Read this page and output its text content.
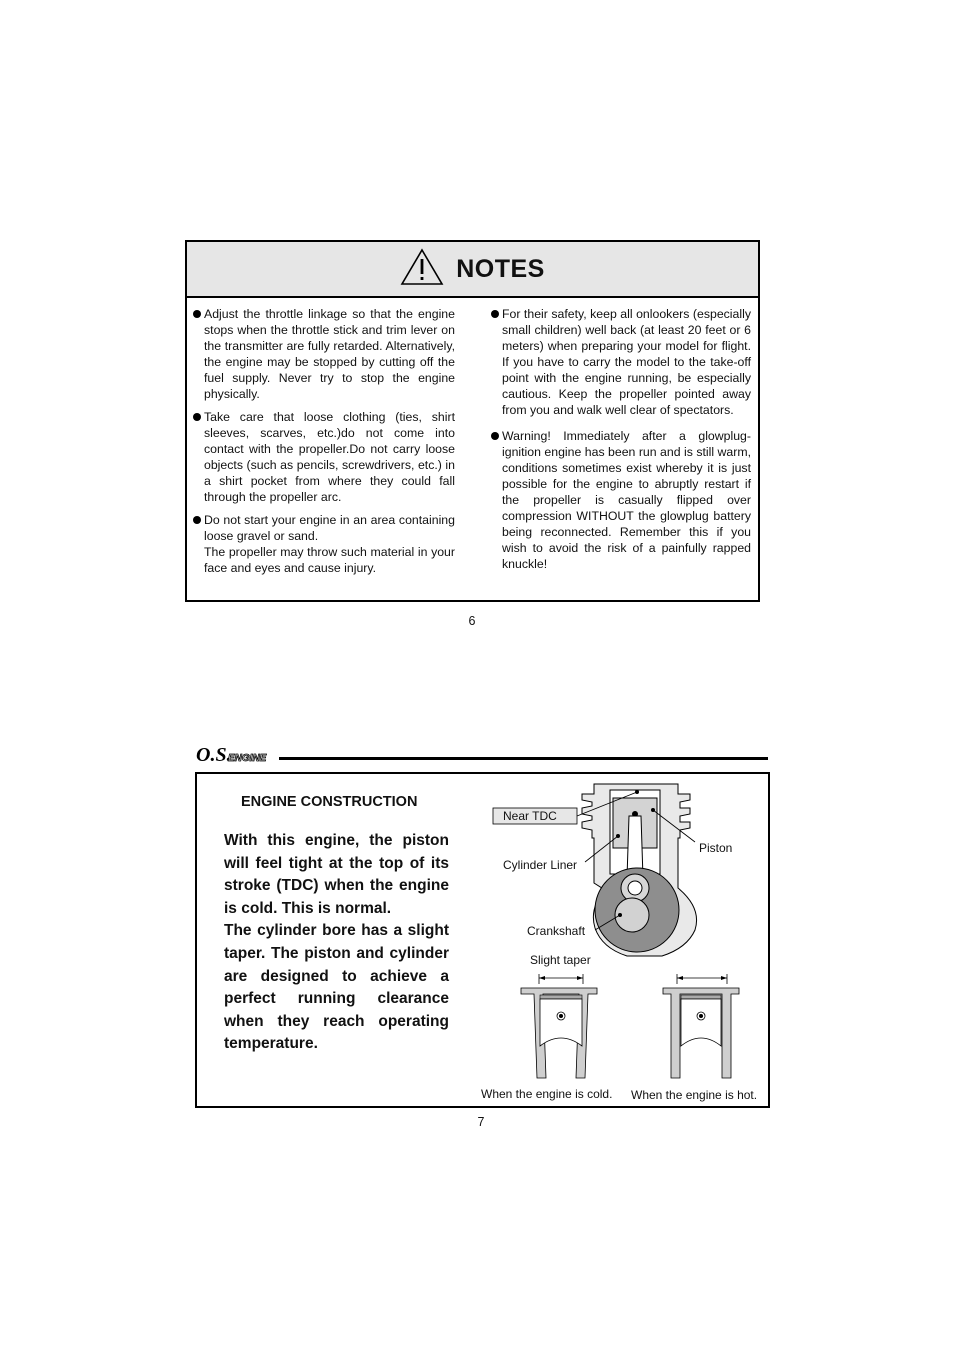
NOTES

Adjust the throttle linkage so that the engine stops when the throttle stick and trim lever on the transmitter are fully retarded. Alternatively, the engine may be stopped by cutting off the fuel supply. Never try to stop the engine physically.

Take care that loose clothing (ties, shirt sleeves, scarves, etc.)do not come into contact with the propeller.Do not carry loose objects (such as pencils, screwdrivers, etc.) in a shirt pocket from where they could fall through the propeller arc.

Do not start your engine in an area containing loose gravel or sand.

The propeller may throw such material in your face and eyes and cause injury.

For their safety, keep all onlookers (especially small children) well back (at least 20 feet or 6 meters) when preparing your model for flight. If you have to carry the model to the take-off point with the engine running, be especially cautious. Keep the propeller pointed away from you and walk well clear of spectators.

Warning! Immediately after a glowplug-ignition engine has been run and is still warm, conditions sometimes exist whereby it is just possible for the engine to abruptly restart if the propeller is casually flipped over compression WITHOUT the glowplug battery being reconnected. Remember this if you wish to avoid the risk of a painfully rapped knuckle!

6
O.S.
ENGINE
ENGINE CONSTRUCTION

With this engine, the piston will feel tight at the top of its stroke (TDC) when the engine is cold. This is normal.

The cylinder bore has a slight taper. The piston and cylinder are designed to achieve a perfect running clearance when they reach operating temperature.

Near TDC
Piston
Cylinder Liner
Crankshaft
Slight taper
When the engine is cold. When the engine is hot.
7
